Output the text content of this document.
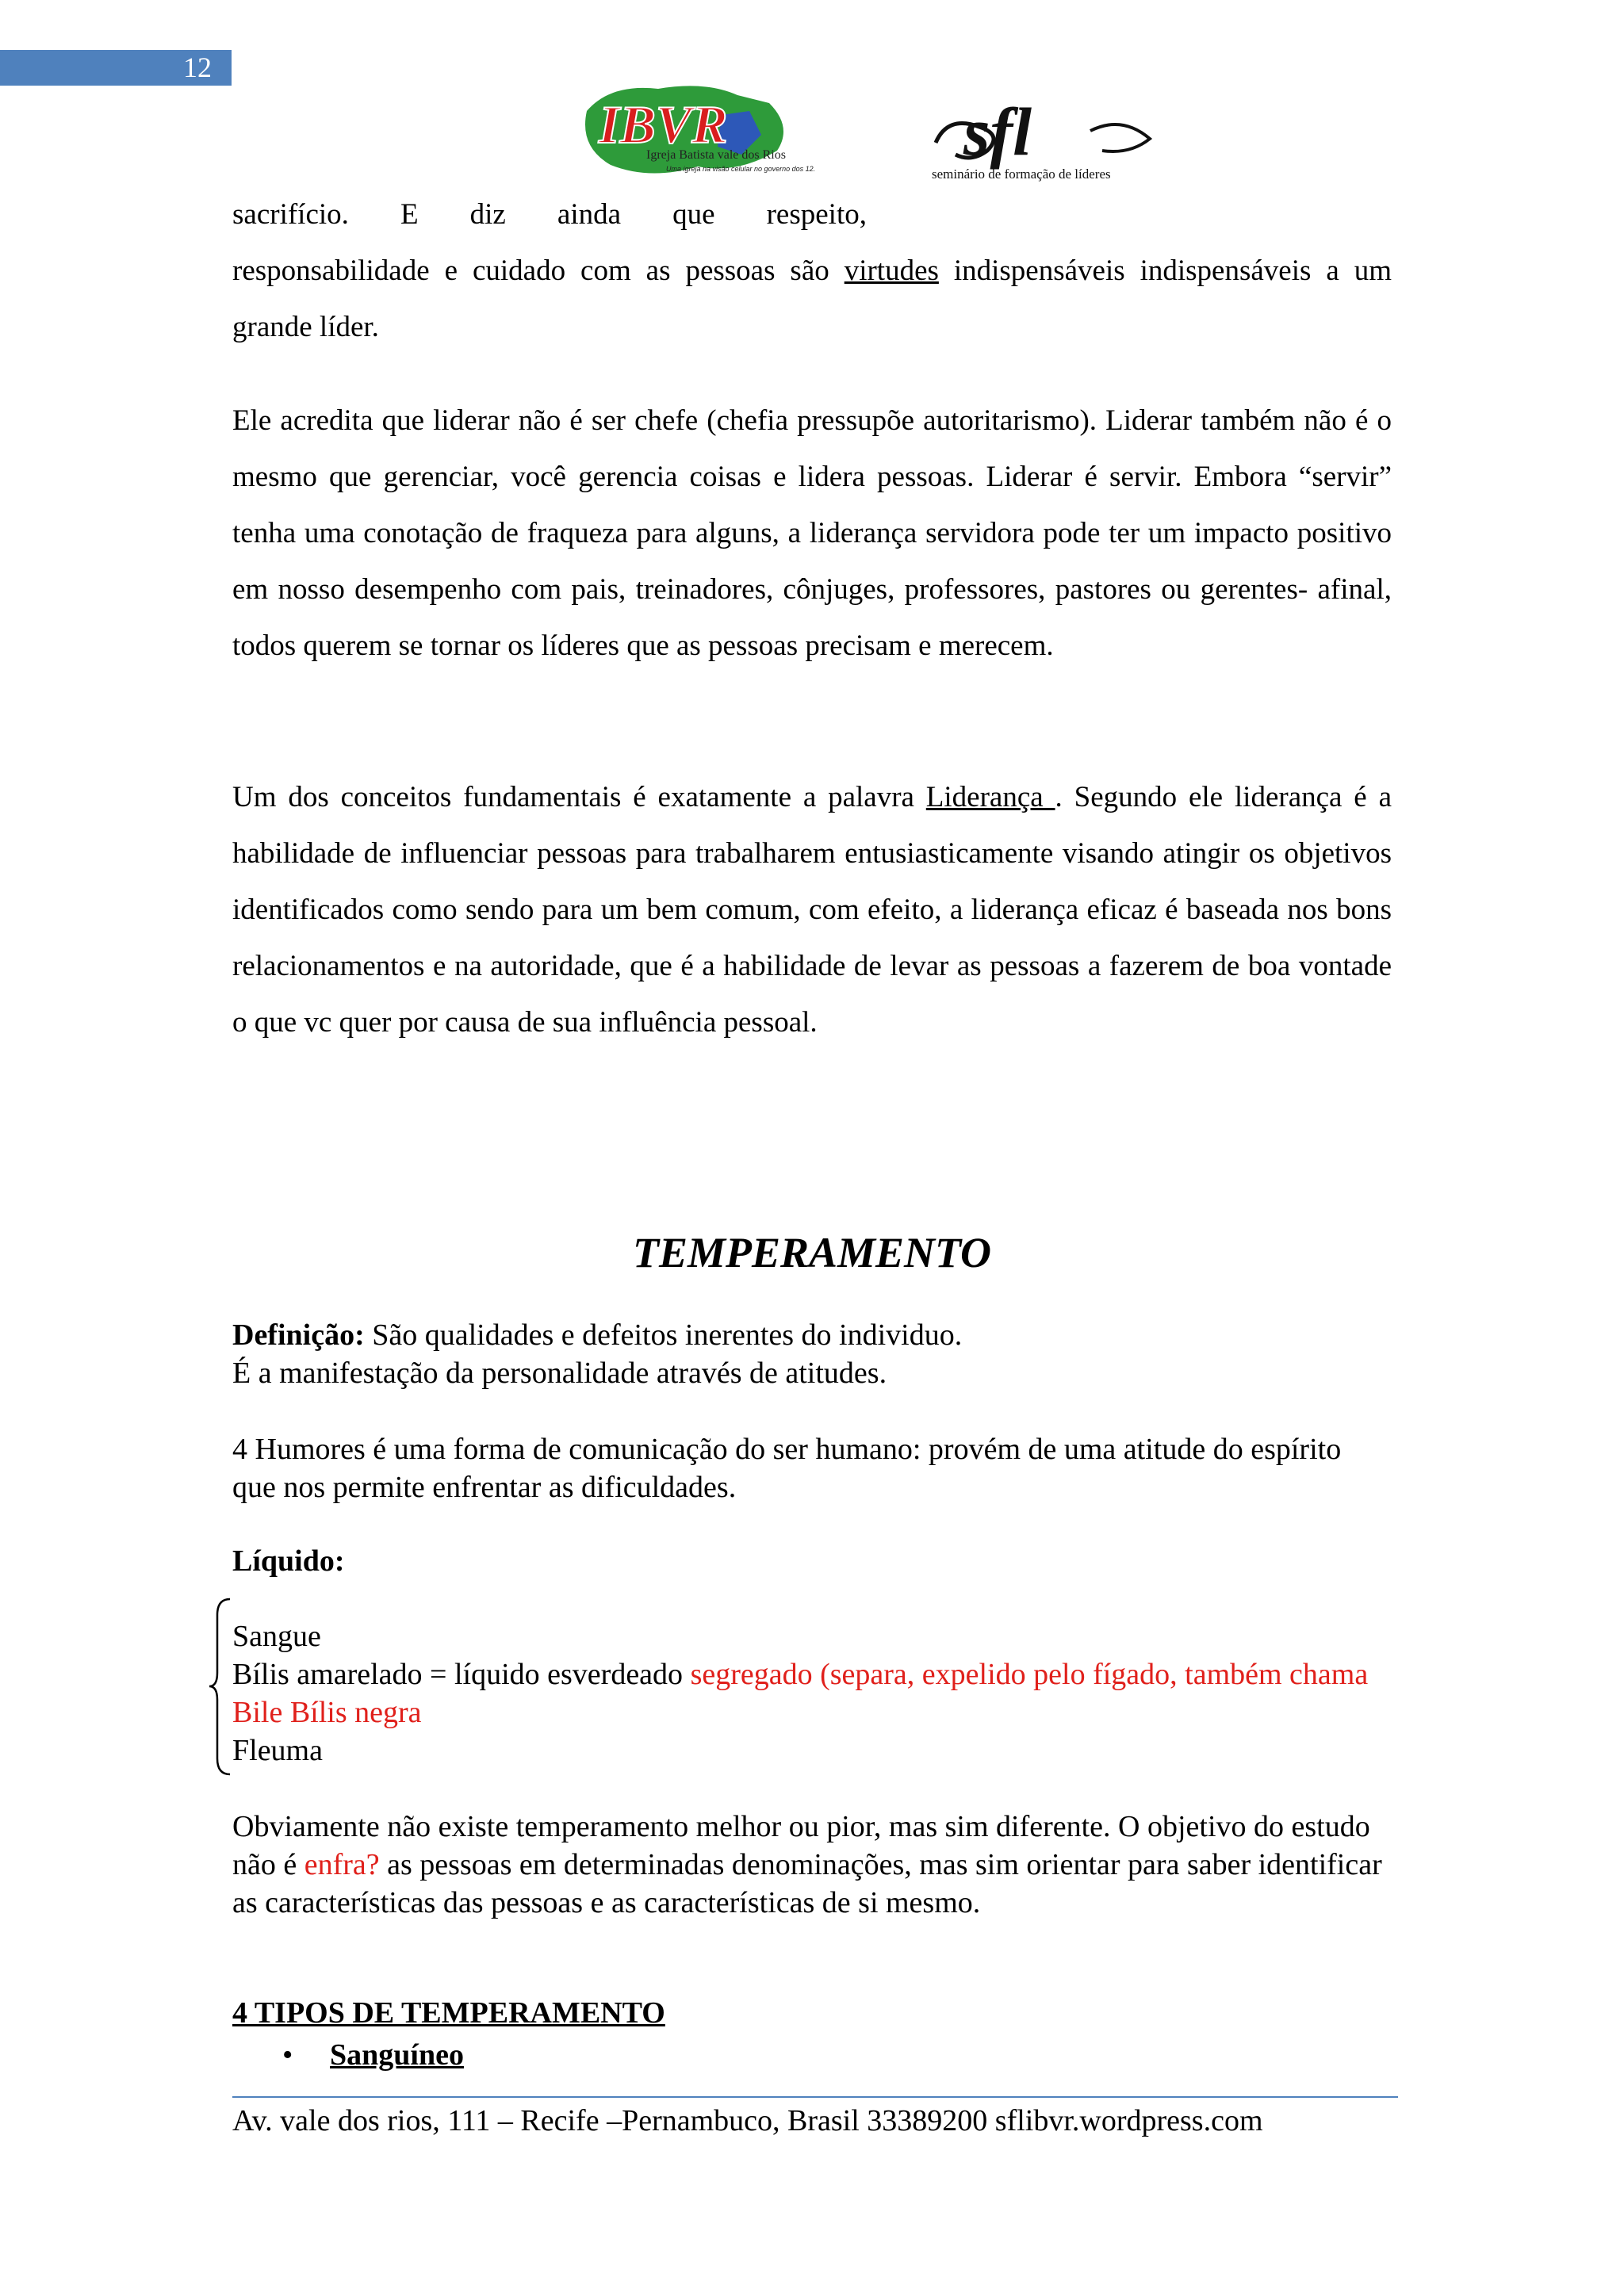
12
IBVR
Igreja Batista vale dos Rios
Uma igreja na visão celular no governo dos 12. sfl
seminário de formação de líderes
sacrifício. E diz ainda que respeito,

responsabilidade e cuidado com as pessoas são virtudes indispensáveis indispensáveis a um grande líder.

Ele acredita que liderar não é ser chefe (chefia pressupõe autoritarismo). Liderar também não é o mesmo que gerenciar, você gerencia coisas e lidera pessoas. Liderar é servir. Embora “servir” tenha uma conotação de fraqueza para alguns, a liderança servidora pode ter um impacto positivo em nosso desempenho com pais, treinadores, cônjuges, professores, pastores ou gerentes- afinal, todos querem se tornar os líderes que as pessoas precisam e merecem.

Um dos conceitos fundamentais é exatamente a palavra Liderança . Segundo ele liderança é a habilidade de influenciar pessoas para trabalharem entusiasticamente visando atingir os objetivos identificados como sendo para um bem comum, com efeito, a liderança eficaz é baseada nos bons relacionamentos e na autoridade, que é a habilidade de levar as pessoas a fazerem de boa vontade o que vc quer por causa de sua influência pessoal.

TEMPERAMENTO

Definição: São qualidades e defeitos inerentes do individuo.

É a manifestação da personalidade através de atitudes.

4 Humores é uma forma de comunicação do ser humano: provém de uma atitude do espírito que nos permite enfrentar as dificuldades.

Líquido:

Sangue

Bílis amarelado = líquido esverdeado segregado (separa, expelido pelo fígado, também chama Bile Bílis negra

Fleuma

Obviamente não existe temperamento melhor ou pior, mas sim diferente. O objetivo do estudo não é enfra? as pessoas em determinadas denominações, mas sim orientar para saber identificar as características das pessoas e as características de si mesmo.

4 TIPOS DE TEMPERAMENTO

• Sanguíneo
Av. vale dos rios, 111 – Recife –Pernambuco, Brasil 33389200 sflibvr.wordpress.com
